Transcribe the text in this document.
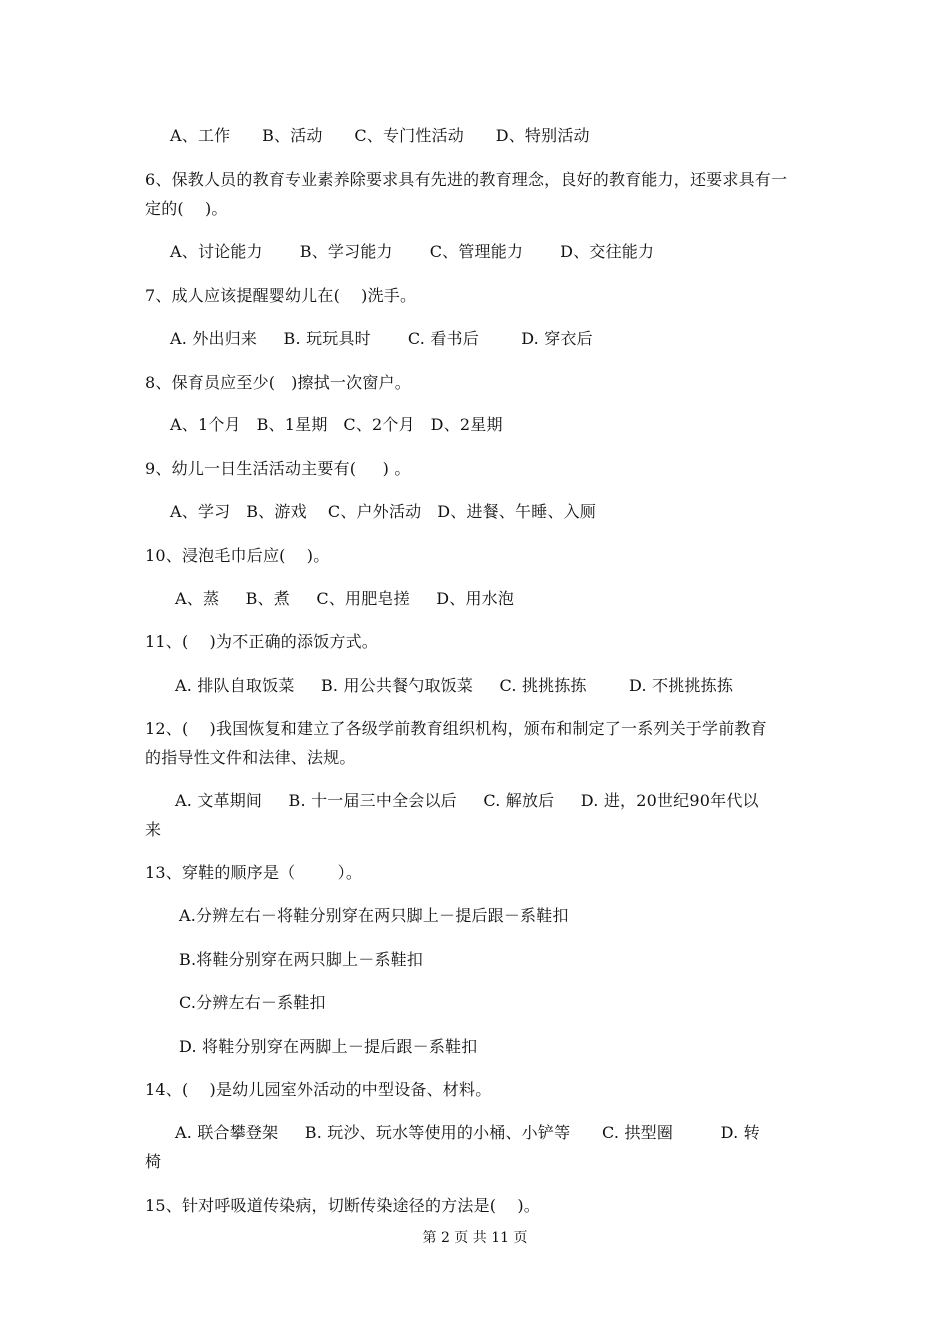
A、工作      B、活动      C、专门性活动      D、特别活动
6、保教人员的教育专业素养除要求具有先进的教育理念，良好的教育能力，还要求具有一
定的(    )。
A、讨论能力       B、学习能力       C、管理能力       D、交往能力
7、成人应该提醒婴幼儿在(    )洗手。
A. 外出归来     B. 玩玩具时       C. 看书后        D. 穿衣后
8、保育员应至少(   )擦拭一次窗户。
A、1个月   B、1星期   C、2个月   D、2星期
9、幼儿一日生活活动主要有(     ) 。
A、学习   B、游戏    C、户外活动   D、进餐、午睡、入厕
10、浸泡毛巾后应(    )。
A、蒸     B、煮     C、用肥皂搓     D、用水泡
11、(    )为不正确的添饭方式。
A. 排队自取饭菜     B. 用公共餐勺取饭菜     C. 挑挑拣拣        D. 不挑挑拣拣
12、(    )我国恢复和建立了各级学前教育组织机构，颁布和制定了一系列关于学前教育
的指导性文件和法律、法规。
A. 文革期间     B. 十一届三中全会以后     C. 解放后     D. 进，20世纪90年代以
来
13、穿鞋的顺序是（        ）。
A.分辨左右－将鞋分别穿在两只脚上－提后跟－系鞋扣
B.将鞋分别穿在两只脚上－系鞋扣
C.分辨左右－系鞋扣
D. 将鞋分别穿在两脚上－提后跟－系鞋扣
14、(    )是幼儿园室外活动的中型设备、材料。
A. 联合攀登架     B. 玩沙、玩水等使用的小桶、小铲等      C. 拱型圈         D. 转
椅
15、针对呼吸道传染病，切断传染途径的方法是(    )。
第 2 页 共 11 页
